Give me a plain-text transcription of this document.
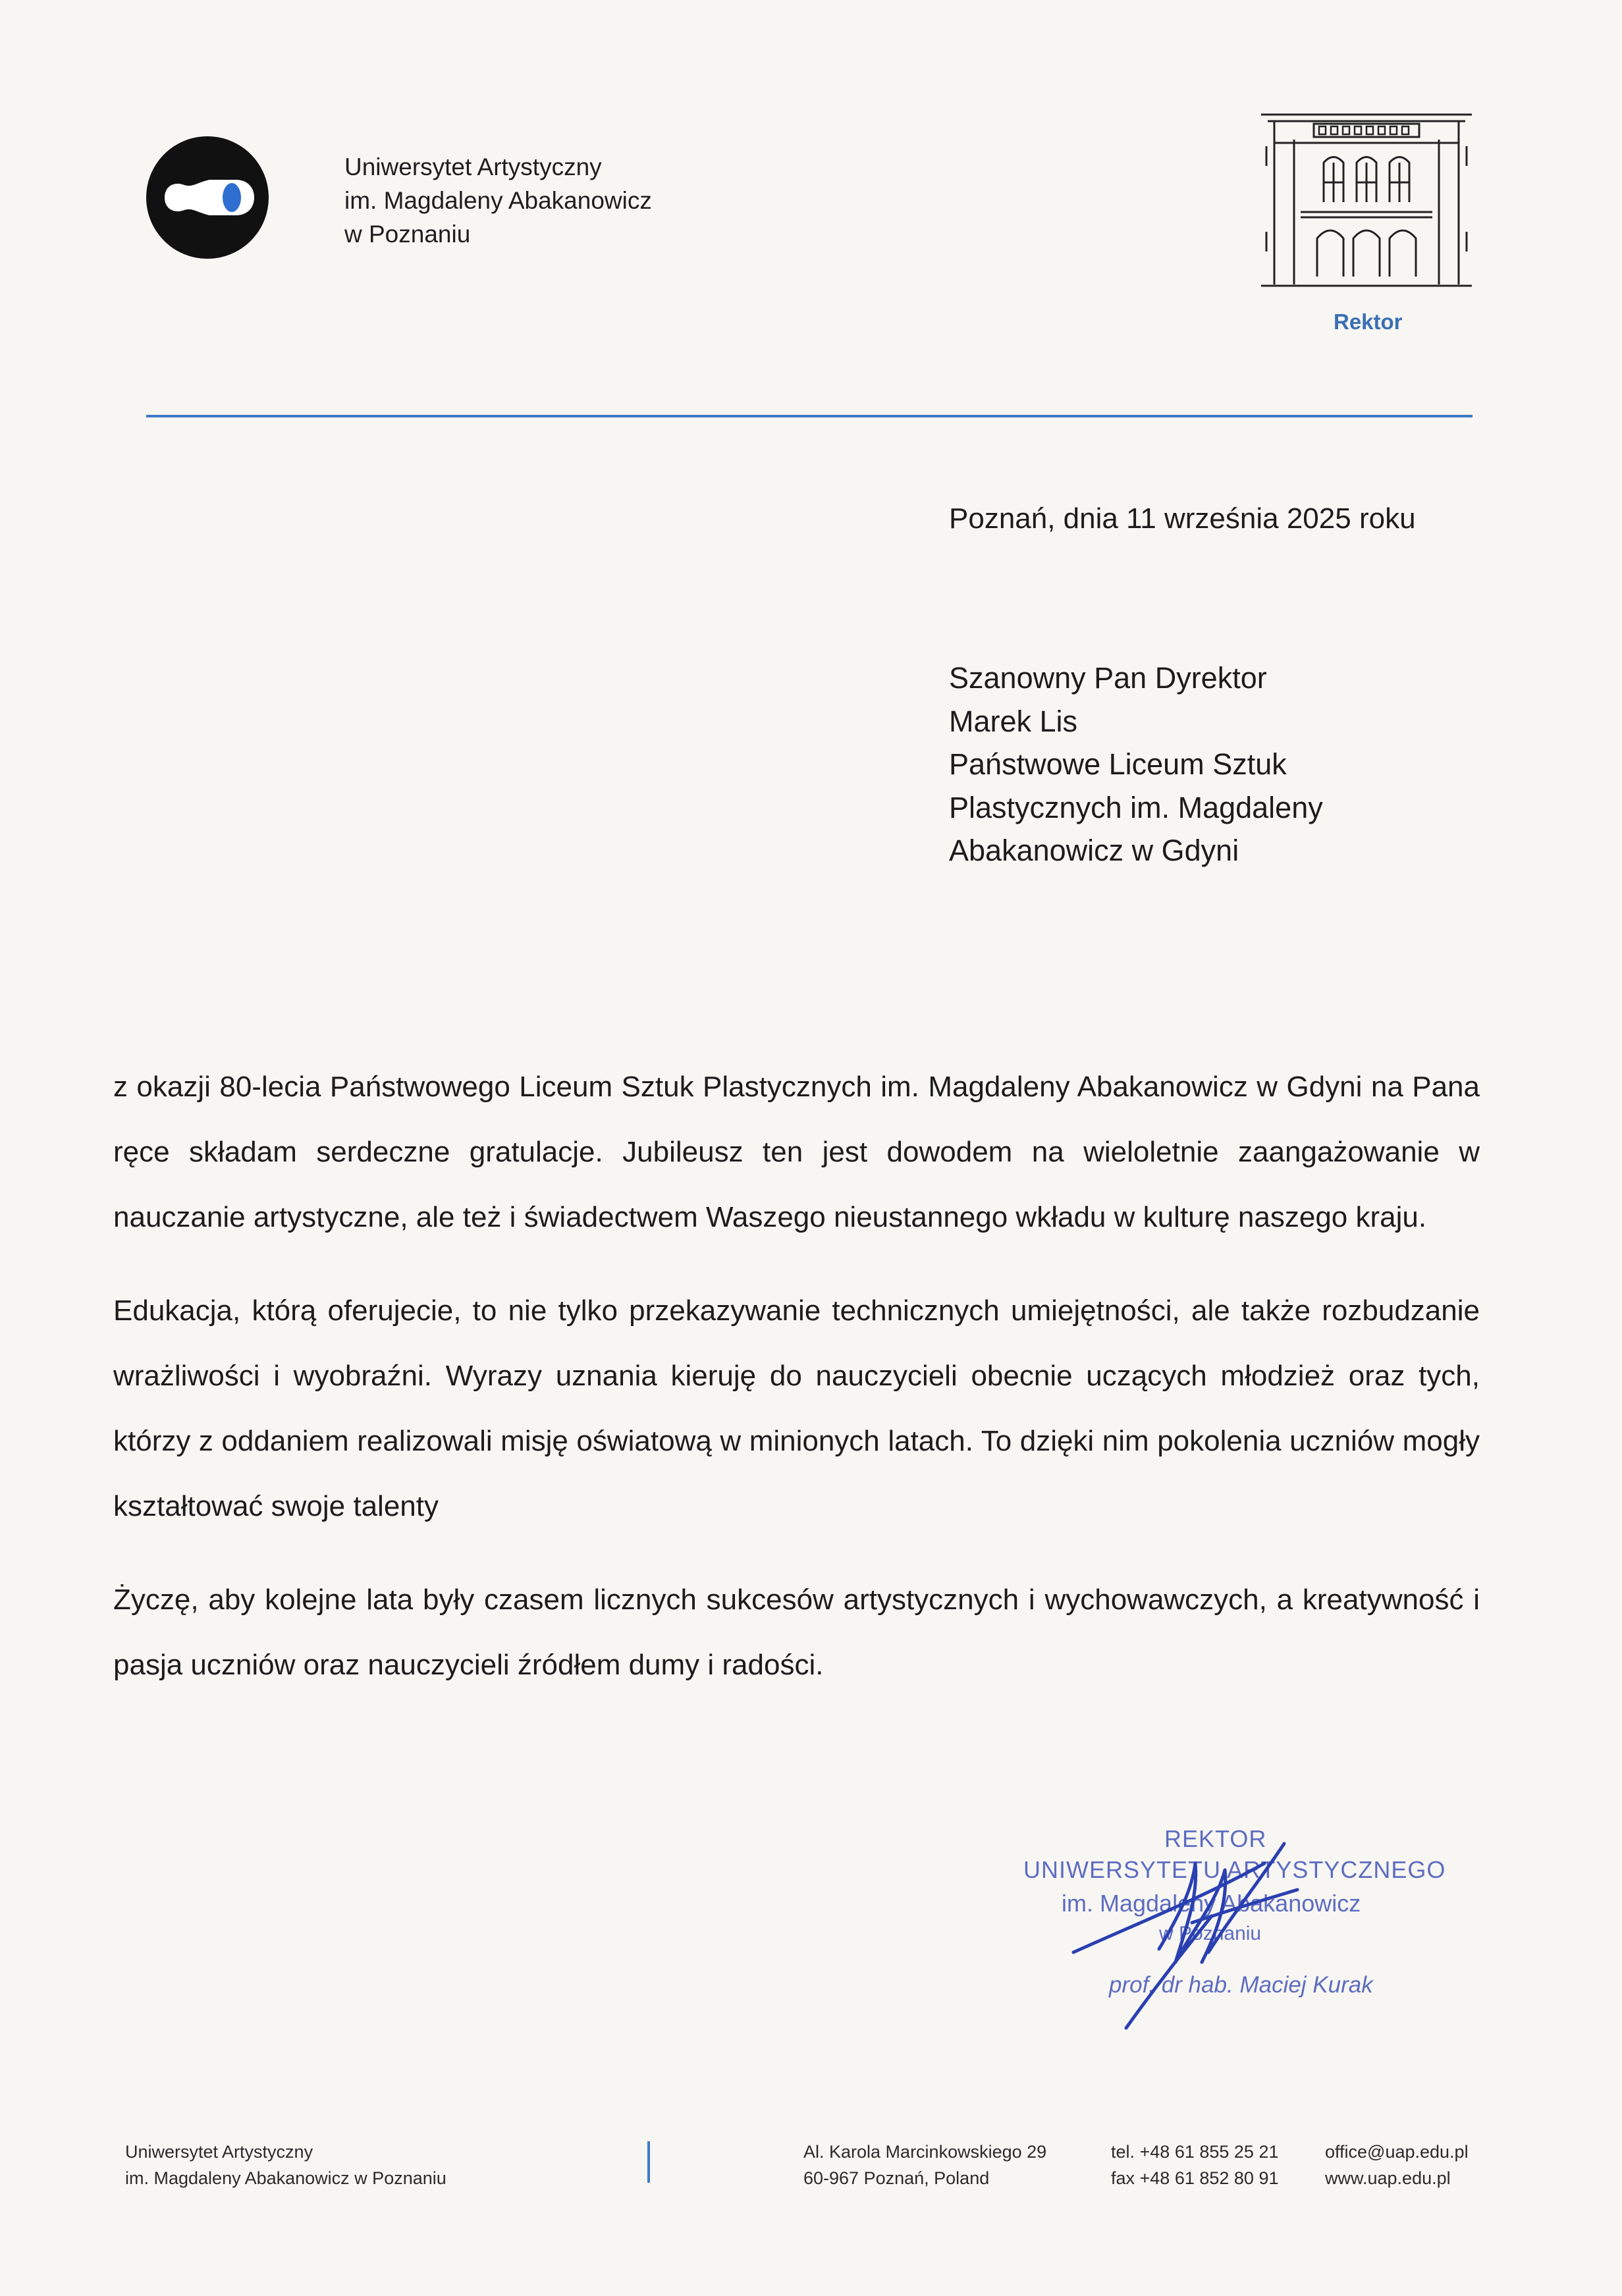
Uniwersytet Artystyczny
im. Magdaleny Abakanowicz
w Poznaniu
Rektor
Poznań, dnia 11 września 2025 roku
Szanowny Pan Dyrektor
Marek Lis
Państwowe Liceum Sztuk
Plastycznych im. Magdaleny
Abakanowicz w Gdyni

z okazji 80-lecia Państwowego Liceum Sztuk Plastycznych im. Magdaleny Abakanowicz w Gdyni na Pana ręce składam serdeczne gratulacje. Jubileusz ten jest dowodem na wieloletnie zaangażowanie w nauczanie artystyczne, ale też i świadectwem Waszego nieustannego wkładu w kulturę naszego kraju.

Edukacja, którą oferujecie, to nie tylko przekazywanie technicznych umiejętności, ale także rozbudzanie wrażliwości i wyobraźni. Wyrazy uznania kieruję do nauczycieli obecnie uczących młodzież oraz tych, którzy z oddaniem realizowali misję oświatową w minionych latach. To dzięki nim pokolenia uczniów mogły kształtować swoje talenty

Życzę, aby kolejne lata były czasem licznych sukcesów artystycznych i wychowawczych, a kreatywność i pasja uczniów oraz nauczycieli źródłem dumy i radości.

REKTOR
UNIWERSYTETU ARTYSTYCZNEGO
im. Magdaleny Abakanowicz
w Poznaniu
prof. dr hab. Maciej Kurak
Uniwersytet Artystyczny
im. Magdaleny Abakanowicz w Poznaniu
Al. Karola Marcinkowskiego 29
60-967 Poznań, Poland
tel. +48 61 855 25 21
fax +48 61 852 80 91
office@uap.edu.pl
www.uap.edu.pl
